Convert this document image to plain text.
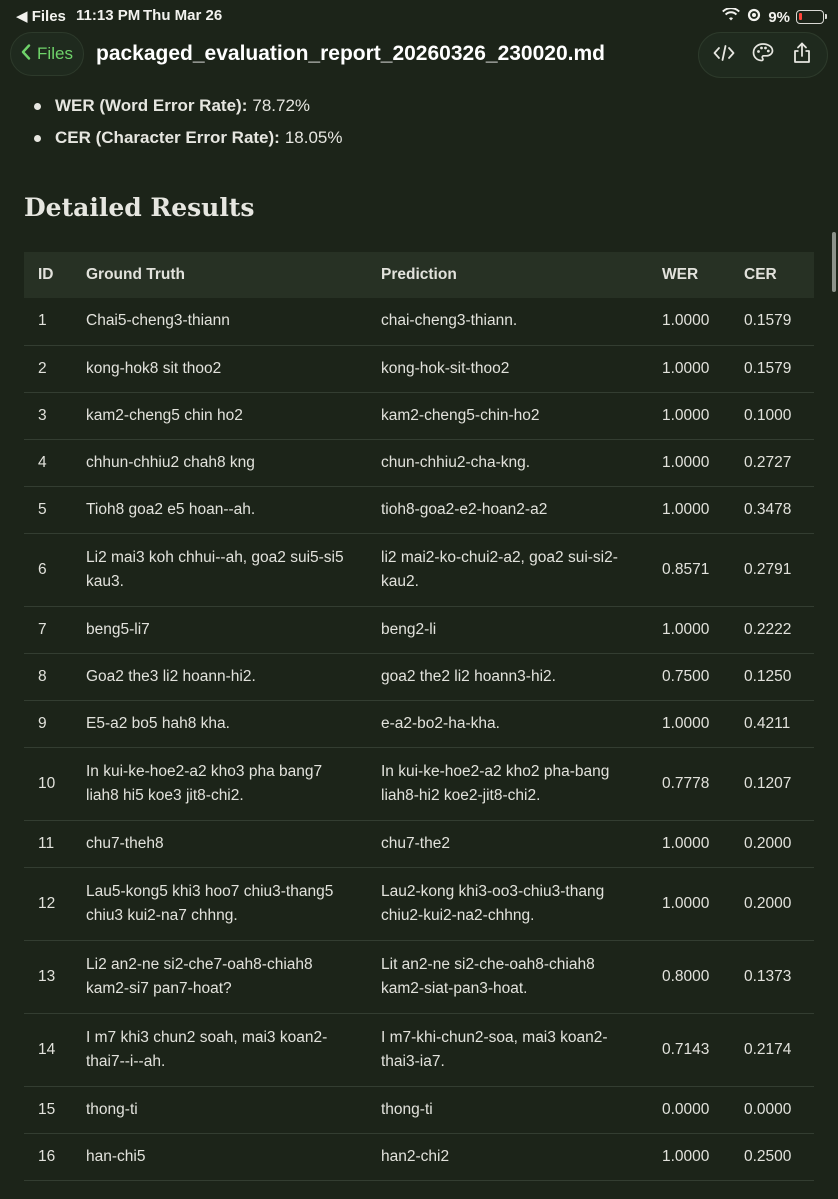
◀ Files 11:13 PM Thu Mar 26	9%
Files packaged_evaluation_report_20260326_230020.md
WER (Word Error Rate): 78.72%
CER (Character Error Rate): 18.05%
Detailed Results
ID	Ground Truth	Prediction	WER	CER
1	Chai5-cheng3-thiann	chai-cheng3-thiann.	1.0000	0.1579
2	kong-hok8 sit thoo2	kong-hok-sit-thoo2	1.0000	0.1579
3	kam2-cheng5 chin ho2	kam2-cheng5-chin-ho2	1.0000	0.1000
4	chhun-chhiu2 chah8 kng	chun-chhiu2-cha-kng.	1.0000	0.2727
5	Tioh8 goa2 e5 hoan--ah.	tioh8-goa2-e2-hoan2-a2	1.0000	0.3478
6	Li2 mai3 koh chhui--ah, goa2 sui5-si5 kau3.	li2 mai2-ko-chui2-a2, goa2 sui-si2-kau2.	0.8571	0.2791
7	beng5-li7	beng2-li	1.0000	0.2222
8	Goa2 the3 li2 hoann-hi2.	goa2 the2 li2 hoann3-hi2.	0.7500	0.1250
9	E5-a2 bo5 hah8 kha.	e-a2-bo2-ha-kha.	1.0000	0.4211
10	In kui-ke-hoe2-a2 kho3 pha bang7 liah8 hi5 koe3 jit8-chi2.	In kui-ke-hoe2-a2 kho2 pha-bang liah8-hi2 koe2-jit8-chi2.	0.7778	0.1207
11	chu7-theh8	chu7-the2	1.0000	0.2000
12	Lau5-kong5 khi3 hoo7 chiu3-thang5 chiu3 kui2-na7 chhng.	Lau2-kong khi3-oo3-chiu3-thang chiu2-kui2-na2-chhng.	1.0000	0.2000
13	Li2 an2-ne si2-che7-oah8-chiah8 kam2-si7 pan7-hoat?	Lit an2-ne si2-che-oah8-chiah8 kam2-siat-pan3-hoat.	0.8000	0.1373
14	I m7 khi3 chun2 soah, mai3 koan2-thai7--i--ah.	I m7-khi-chun2-soa, mai3 koan2-thai3-ia7.	0.7143	0.2174
15	thong-ti	thong-ti	0.0000	0.0000
16	han-chi5	han2-chi2	1.0000	0.2500
